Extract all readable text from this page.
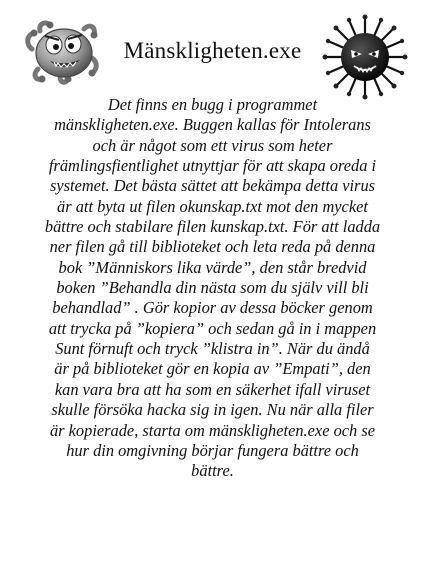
Mänskligheten.exe
Det finns en bugg i programmet
mänskligheten.exe. Buggen kallas för Intolerans
och är något som ett virus som heter
främlingsfientlighet utnyttjar för att skapa oreda i
systemet. Det bästa sättet att bekämpa detta virus
är att byta ut filen okunskap.txt mot den mycket
bättre och stabilare filen kunskap.txt. För att ladda
ner filen gå till biblioteket och leta reda på denna
bok ”Människors lika värde”, den står bredvid
boken ”Behandla din nästa som du själv vill bli
behandlad” . Gör kopior av dessa böcker genom
att trycka på ”kopiera” och sedan gå in i mappen
Sunt förnuft och tryck ”klistra in”. När du ändå
är på biblioteket gör en kopia av ”Empati”, den
kan vara bra att ha som en säkerhet ifall viruset
skulle försöka hacka sig in igen. Nu när alla filer
är kopierade, starta om mänskligheten.exe och se
hur din omgivning börjar fungera bättre och
bättre.
